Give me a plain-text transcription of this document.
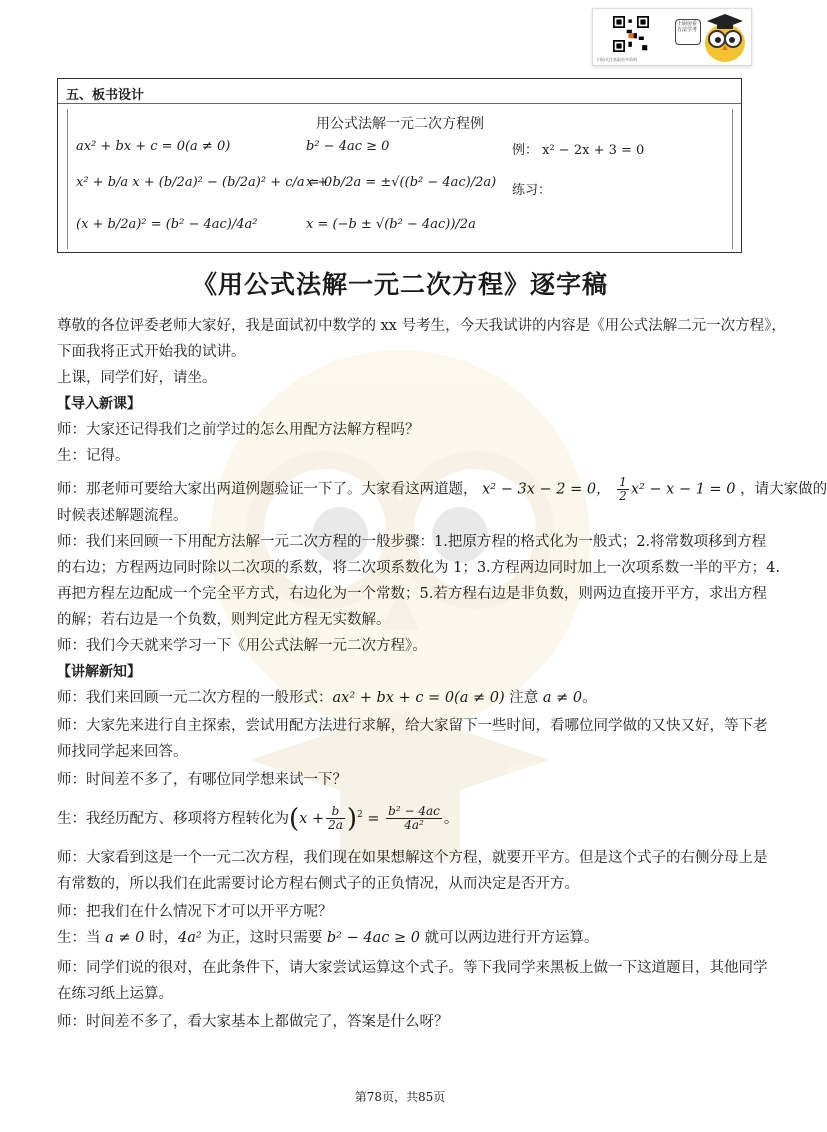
上厨房看方法学考
扫码关注获取更多资料
五、板书设计
用公式法解一元二次方程例
ax² + bx + c = 0(a ≠ 0)
x² + b/a x + (b/2a)² − (b/2a)² + c/a = 0
(x + b/2a)² = (b² − 4ac)/4a²
b² − 4ac ≥ 0
x + b/2a = ±√((b² − 4ac)/2a)
x = (−b ± √(b² − 4ac))/2a
例： x² − 2x + 3 = 0
练习：
《用公式法解一元二次方程》逐字稿
尊敬的各位评委老师大家好，我是面试初中数学的 xx 号考生，今天我试讲的内容是《用公式法解二元一次方程》，
下面我将正式开始我的试讲。
上课，同学们好，请坐。
【导入新课】
师：大家还记得我们之前学过的怎么用配方法解方程吗？
生：记得。
师：那老师可要给大家出两道例题验证一下了。大家看这两道题， x² − 3x − 2 = 0， $\frac{1}{2} x^2 - x - 1 = 0$ ，请大家做的
时候表述解题流程。
师：我们来回顾一下用配方法解一元二次方程的一般步骤：1.把原方程的格式化为一般式；2.将常数项移到方程
的右边；方程两边同时除以二次项的系数，将二次项系数化为 1；3.方程两边同时加上一次项系数一半的平方；4.
再把方程左边配成一个完全平方式，右边化为一个常数；5.若方程右边是非负数，则两边直接开平方，求出方程
的解；若右边是一个负数，则判定此方程无实数解。
师：我们今天就来学习一下《用公式法解一元二次方程》。
【讲解新知】
师：我们来回顾一元二次方程的一般形式：ax² + bx + c = 0(a ≠ 0) 注意 a ≠ 0。
师：大家先来进行自主探索，尝试用配方法进行求解，给大家留下一些时间，看哪位同学做的又快又好，等下老
师找同学起来回答。
师：时间差不多了，有哪位同学想来试一下？
生：我经历配方、移项将方程转化为$(x + \frac{b}{2a} )^2 = \frac{\text{b² − 4ac}}{\text{4a²}}$ 。
师：大家看到这是一个一元二次方程，我们现在如果想解这个方程，就要开平方。但是这个式子的右侧分母上是
有常数的，所以我们在此需要讨论方程右侧式子的正负情况，从而决定是否开方。
师：把我们在什么情况下才可以开平方呢？
生：当 a ≠ 0 时，4a² 为正，这时只需要 b² − 4ac ≥ 0 就可以两边进行开方运算。
师：同学们说的很对，在此条件下，请大家尝试运算这个式子。等下我同学来黑板上做一下这道题目，其他同学
在练习纸上运算。
师：时间差不多了，看大家基本上都做完了，答案是什么呀？
第78页，共85页
